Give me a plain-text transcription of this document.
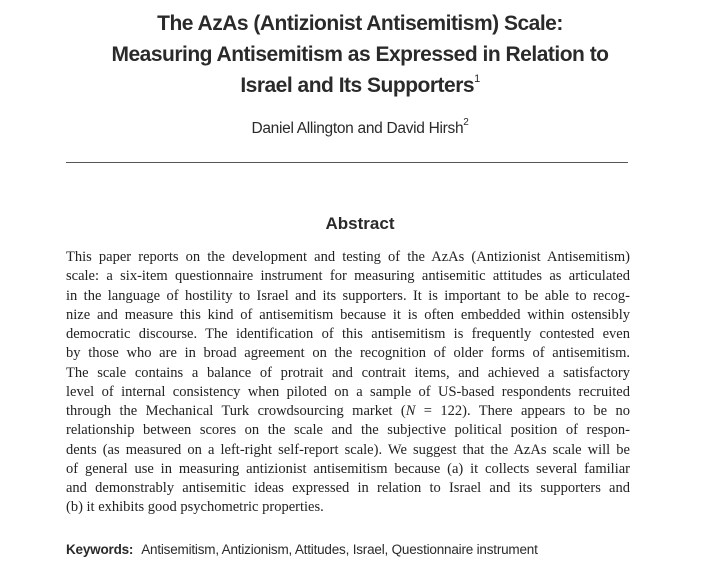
The AzAs (Antizionist Antisemitism) Scale:
Measuring Antisemitism as Expressed in Relation to
Israel and Its Supporters$^1$
Daniel Allington and David Hirsh$^2$
Abstract

This paper reports on the development and testing of the AzAs (Antizionist Antisemitism)
scale: a six-item questionnaire instrument for measuring antisemitic attitudes as articulated
in the language of hostility to Israel and its supporters. It is important to be able to recog-
nize and measure this kind of antisemitism because it is often embedded within ostensibly
democratic discourse. The identification of this antisemitism is frequently contested even
by those who are in broad agreement on the recognition of older forms of antisemitism.
The scale contains a balance of protrait and contrait items, and achieved a satisfactory
level of internal consistency when piloted on a sample of US-based respondents recruited
through the Mechanical Turk crowdsourcing market (N = 122). There appears to be no
relationship between scores on the scale and the subjective political position of respon-
dents (as measured on a left-right self-report scale). We suggest that the AzAs scale will be
of general use in measuring antizionist antisemitism because (a) it collects several familiar
and demonstrably antisemitic ideas expressed in relation to Israel and its supporters and
(b) it exhibits good psychometric properties.

Keywords: Antisemitism, Antizionism, Attitudes, Israel, Questionnaire instrument
